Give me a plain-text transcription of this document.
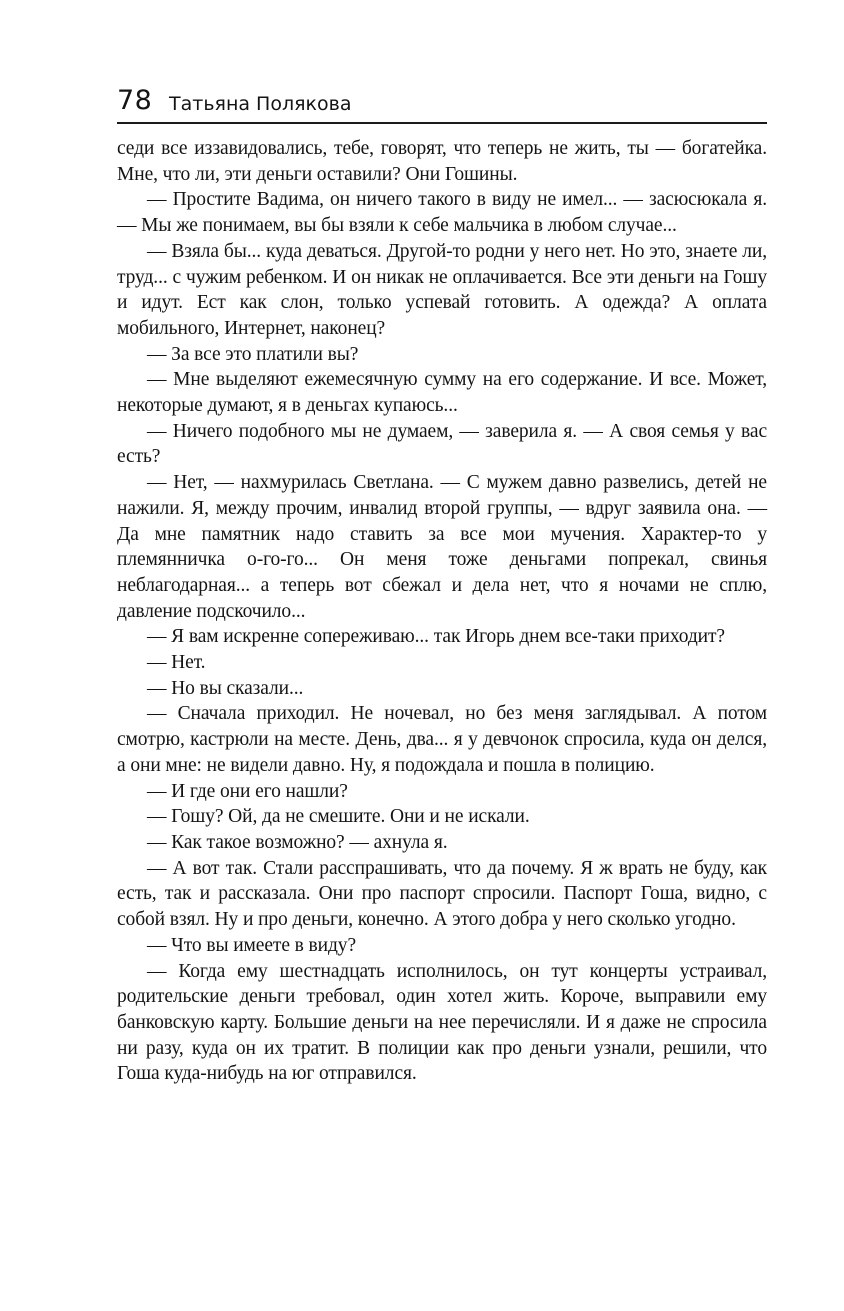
78 Татьяна Полякова

седи все иззавидовались, тебе, говорят, что теперь не жить, ты — богатейка. Мне, что ли, эти деньги оставили? Они Гошины.

— Простите Вадима, он ничего такого в виду не имел... — засюсюкала я. — Мы же понимаем, вы бы взяли к себе мальчика в любом случае...

— Взяла бы... куда деваться. Другой-то родни у него нет. Но это, знаете ли, труд... с чужим ребенком. И он никак не оплачивается. Все эти деньги на Гошу и идут. Ест как слон, только успевай готовить. А одежда? А оплата мобильного, Интернет, наконец?

— За все это платили вы?

— Мне выделяют ежемесячную сумму на его содержание. И все. Может, некоторые думают, я в деньгах купаюсь...

— Ничего подобного мы не думаем, — заверила я. — А своя семья у вас есть?

— Нет, — нахмурилась Светлана. — С мужем давно развелись, детей не нажили. Я, между прочим, инвалид второй группы, — вдруг заявила она. — Да мне памятник надо ставить за все мои мучения. Характер-то у племянничка о-го-го... Он меня тоже деньгами попрекал, свинья неблагодарная... а теперь вот сбежал и дела нет, что я ночами не сплю, давление подскочило...

— Я вам искренне сопереживаю... так Игорь днем все-таки приходит?

— Нет.

— Но вы сказали...

— Сначала приходил. Не ночевал, но без меня заглядывал. А потом смотрю, кастрюли на месте. День, два... я у девчонок спросила, куда он делся, а они мне: не видели давно. Ну, я подождала и пошла в полицию.

— И где они его нашли?

— Гошу? Ой, да не смешите. Они и не искали.

— Как такое возможно? — ахнула я.

— А вот так. Стали расспрашивать, что да почему. Я ж врать не буду, как есть, так и рассказала. Они про паспорт спросили. Паспорт Гоша, видно, с собой взял. Ну и про деньги, конечно. А этого добра у него сколько угодно.

— Что вы имеете в виду?

— Когда ему шестнадцать исполнилось, он тут концерты устраивал, родительские деньги требовал, один хотел жить. Короче, выправили ему банковскую карту. Большие деньги на нее перечисляли. И я даже не спросила ни разу, куда он их тратит. В полиции как про деньги узнали, решили, что Гоша куда-нибудь на юг отправился.
